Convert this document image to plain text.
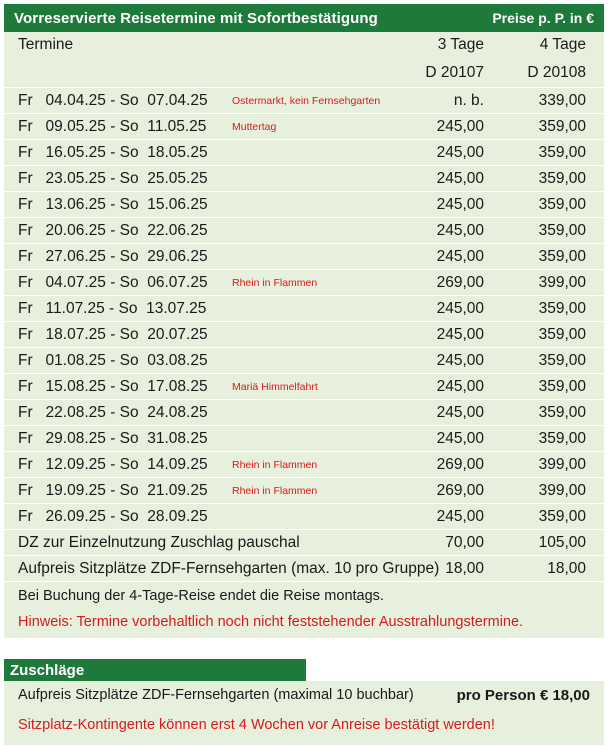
Vorreservierte Reisetermine mit Sofortbestätigung	Preise p. P. in €
Termine	3 Tage	4 Tage
D 20107	D 20108
Fr   04.04.25 - So  07.04.25	Ostermarkt, kein Fernsehgarten	n. b.	339,00
Fr   09.05.25 - So  11.05.25	Muttertag	245,00	359,00
Fr   16.05.25 - So  18.05.25	245,00	359,00
Fr   23.05.25 - So  25.05.25	245,00	359,00
Fr   13.06.25 - So  15.06.25	245,00	359,00
Fr   20.06.25 - So  22.06.25	245,00	359,00
Fr   27.06.25 - So  29.06.25	245,00	359,00
Fr   04.07.25 - So  06.07.25	Rhein in Flammen	269,00	399,00
Fr   11.07.25 - So  13.07.25	245,00	359,00
Fr   18.07.25 - So  20.07.25	245,00	359,00
Fr   01.08.25 - So  03.08.25	245,00	359,00
Fr   15.08.25 - So  17.08.25	Mariä Himmelfahrt	245,00	359,00
Fr   22.08.25 - So  24.08.25	245,00	359,00
Fr   29.08.25 - So  31.08.25	245,00	359,00
Fr   12.09.25 - So  14.09.25	Rhein in Flammen	269,00	399,00
Fr   19.09.25 - So  21.09.25	Rhein in Flammen	269,00	399,00
Fr   26.09.25 - So  28.09.25	245,00	359,00
DZ zur Einzelnutzung Zuschlag pauschal	70,00	105,00
Aufpreis Sitzplätze ZDF-Fernsehgarten (max. 10 pro Gruppe) 18,00	18,00
Bei Buchung der 4-Tage-Reise endet die Reise montags.
Hinweis: Termine vorbehaltlich noch nicht feststehender Ausstrahlungstermine.
Zuschläge
Aufpreis Sitzplätze ZDF-Fernsehgarten (maximal 10 buchbar)	pro Person € 18,00
Sitzplatz-Kontingente können erst 4 Wochen vor Anreise bestätigt werden!
